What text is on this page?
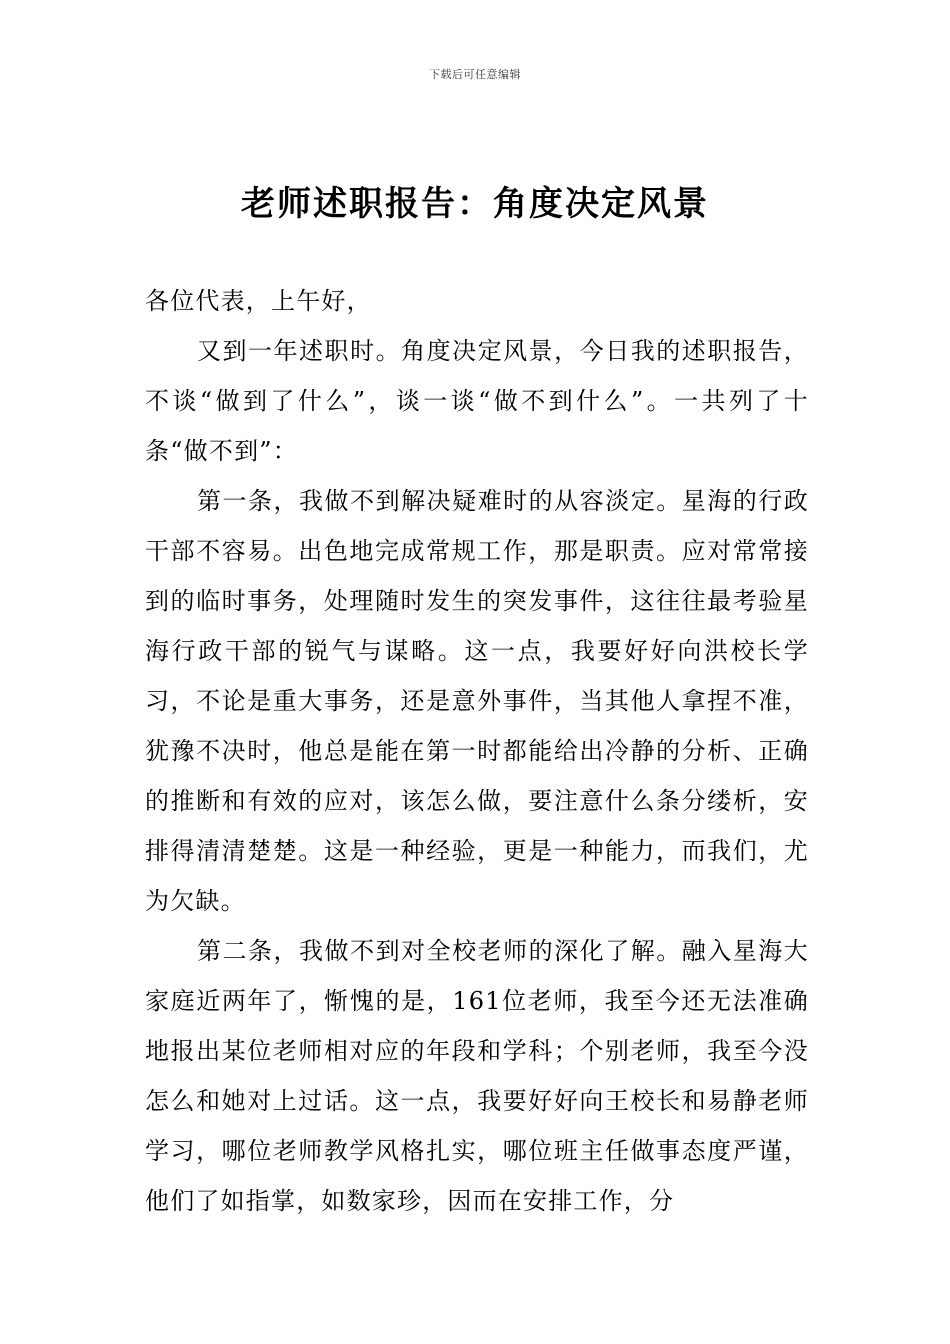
下载后可任意编辑
老师述职报告：角度决定风景

各位代表，上午好，

又到一年述职时。角度决定风景，今日我的述职报告，不谈“做到了什么”，谈一谈“做不到什么”。一共列了十条“做不到”：

第一条，我做不到解决疑难时的从容淡定。星海的行政干部不容易。出色地完成常规工作，那是职责。应对常常接到的临时事务，处理随时发生的突发事件，这往往最考验星海行政干部的锐气与谋略。这一点，我要好好向洪校长学习，不论是重大事务，还是意外事件，当其他人拿捏不准，犹豫不决时，他总是能在第一时都能给出冷静的分析、正确的推断和有效的应对，该怎么做，要注意什么条分缕析，安排得清清楚楚。这是一种经验，更是一种能力，而我们，尤为欠缺。

第二条，我做不到对全校老师的深化了解。融入星海大家庭近两年了，惭愧的是，161位老师，我至今还无法准确地报出某位老师相对应的年段和学科；个别老师，我至今没怎么和她对上过话。这一点，我要好好向王校长和易静老师学习，哪位老师教学风格扎实，哪位班主任做事态度严谨，他们了如指掌，如数家珍，因而在安排工作，分
